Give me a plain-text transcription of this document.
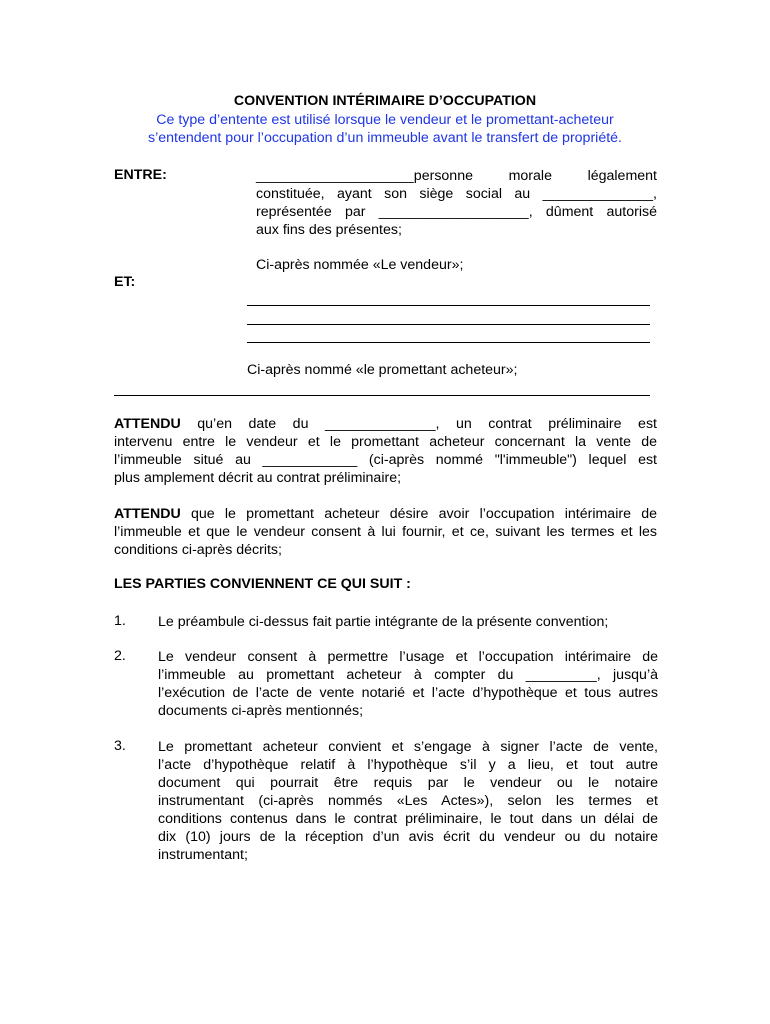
CONVENTION INTÉRIMAIRE D’OCCUPATION
Ce type d’entente est utilisé lorsque le vendeur et le promettant-acheteur
s’entendent pour l’occupation d’un immeuble avant le transfert de propriété.
ENTRE:	____________________personne morale légalement
constituée, ayant son siège social au ______________,
représentée par ___________________, dûment autorisé
aux fins des présentes;
Ci-après nommée «Le vendeur»;
ET:
Ci-après nommé «le promettant acheteur»;
ATTENDU qu’en date du ______________, un contrat préliminaire est
intervenu entre le vendeur et le promettant acheteur concernant la vente de
l’immeuble situé au ____________ (ci-après nommé "l'immeuble") lequel est
plus amplement décrit au contrat préliminaire;
ATTENDU que le promettant acheteur désire avoir l’occupation intérimaire de
l’immeuble et que le vendeur consent à lui fournir, et ce, suivant les termes et les
conditions ci-après décrits;
LES PARTIES CONVIENNENT CE QUI SUIT :
1. Le préambule ci-dessus fait partie intégrante de la présente convention;
2. Le vendeur consent à permettre l’usage et l’occupation intérimaire de
l’immeuble au promettant acheteur à compter du _________, jusqu’à
l’exécution de l’acte de vente notarié et l’acte d’hypothèque et tous autres
documents ci-après mentionnés;
3. Le promettant acheteur convient et s’engage à signer l’acte de vente,
l’acte d’hypothèque relatif à l’hypothèque s’il y a lieu, et tout autre
document qui pourrait être requis par le vendeur ou le notaire
instrumentant (ci-après nommés «Les Actes»), selon les termes et
conditions contenus dans le contrat préliminaire, le tout dans un délai de
dix (10) jours de la réception d’un avis écrit du vendeur ou du notaire
instrumentant;
